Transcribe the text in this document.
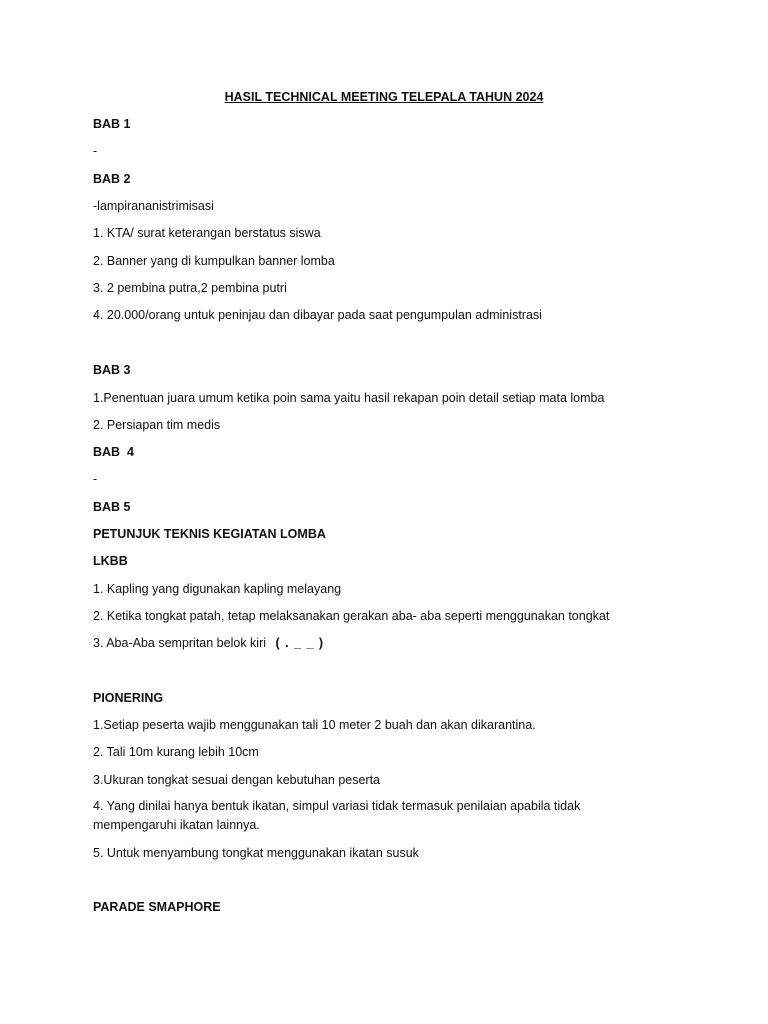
HASIL TECHNICAL MEETING TELEPALA TAHUN 2024
BAB 1
-
BAB 2
-lampirananistrimisasi
1. KTA/ surat keterangan berstatus siswa
2. Banner yang di kumpulkan banner lomba
3. 2 pembina putra,2 pembina putri
4. 20.000/orang untuk peninjau dan dibayar pada saat pengumpulan administrasi
BAB 3
1.Penentuan juara umum ketika poin sama yaitu hasil rekapan poin detail setiap mata lomba
2. Persiapan tim medis
BAB  4
-
BAB 5
PETUNJUK TEKNIS KEGIATAN LOMBA
LKBB
1. Kapling yang digunakan kapling melayang
2. Ketika tongkat patah, tetap melaksanakan gerakan aba- aba seperti menggunakan tongkat
3. Aba-Aba sempritan belok kiri ( . _ _ )
PIONERING
1.Setiap peserta wajib menggunakan tali 10 meter 2 buah dan akan dikarantina.
2. Tali 10m kurang lebih 10cm
3.Ukuran tongkat sesuai dengan kebutuhan peserta
4. Yang dinilai hanya bentuk ikatan, simpul variasi tidak termasuk penilaian apabila tidak mempengaruhi ikatan lainnya.
5. Untuk menyambung tongkat menggunakan ikatan susuk
PARADE SMAPHORE
